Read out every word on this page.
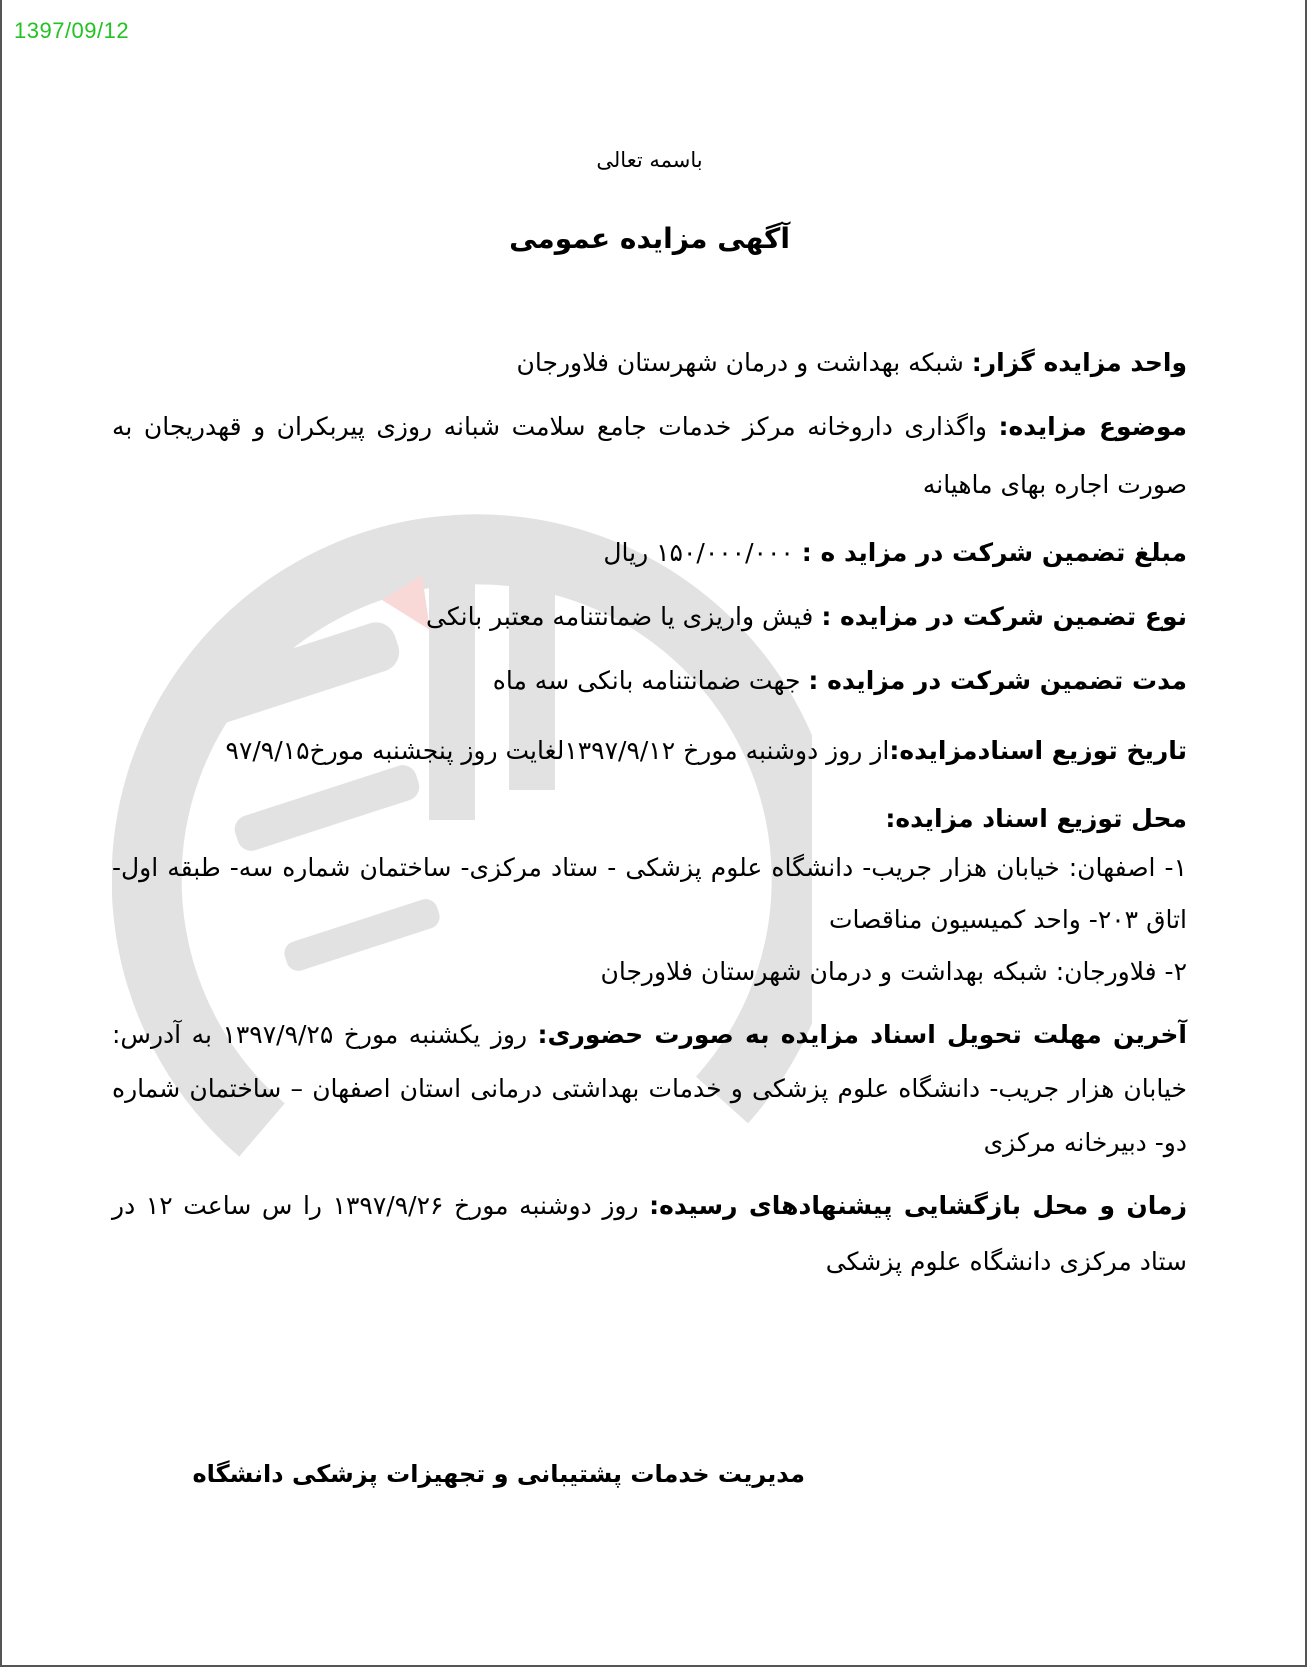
1397/09/12
باسمه تعالی
آگهی مزایده عمومی
واحد مزایده گزار: شبکه بهداشت و درمان شهرستان فلاورجان
موضوع مزایده: واگذاری داروخانه مرکز خدمات جامع سلامت شبانه روزی پیربکران و قهدریجان به صورت اجاره بهای ماهیانه
مبلغ تضمین شرکت در مزاید ه : ۱۵۰/۰۰۰/۰۰۰ ریال
نوع تضمین شرکت در مزایده : فیش واریزی یا ضمانتنامه معتبر بانکی
مدت تضمین شرکت در مزایده : جهت ضمانتنامه بانکی سه ماه
تاریخ توزیع اسنادمزایده:از روز دوشنبه مورخ ۱۳۹۷/۹/۱۲لغایت روز پنجشنبه مورخ۹۷/۹/۱۵
محل توزیع اسناد مزایده:
۱- اصفهان: خیابان هزار جریب- دانشگاه علوم پزشکی - ستاد مرکزی- ساختمان شماره سه- طبقه اول- اتاق ۲۰۳- واحد کمیسیون مناقصات
۲- فلاورجان: شبکه بهداشت و درمان شهرستان فلاورجان
آخرین مهلت تحویل اسناد مزایده به صورت حضوری: روز یکشنبه مورخ ۱۳۹۷/۹/۲۵ به آدرس: خیابان هزار جریب- دانشگاه علوم پزشکی و خدمات بهداشتی درمانی استان اصفهان – ساختمان شماره دو- دبیرخانه مرکزی
زمان و محل بازگشایی پیشنهادهای رسیده: روز دوشنبه مورخ ۱۳۹۷/۹/۲۶ را س ساعت ۱۲ در ستاد مرکزی دانشگاه علوم پزشکی
مدیریت خدمات پشتیبانی و تجهیزات پزشکی دانشگاه
